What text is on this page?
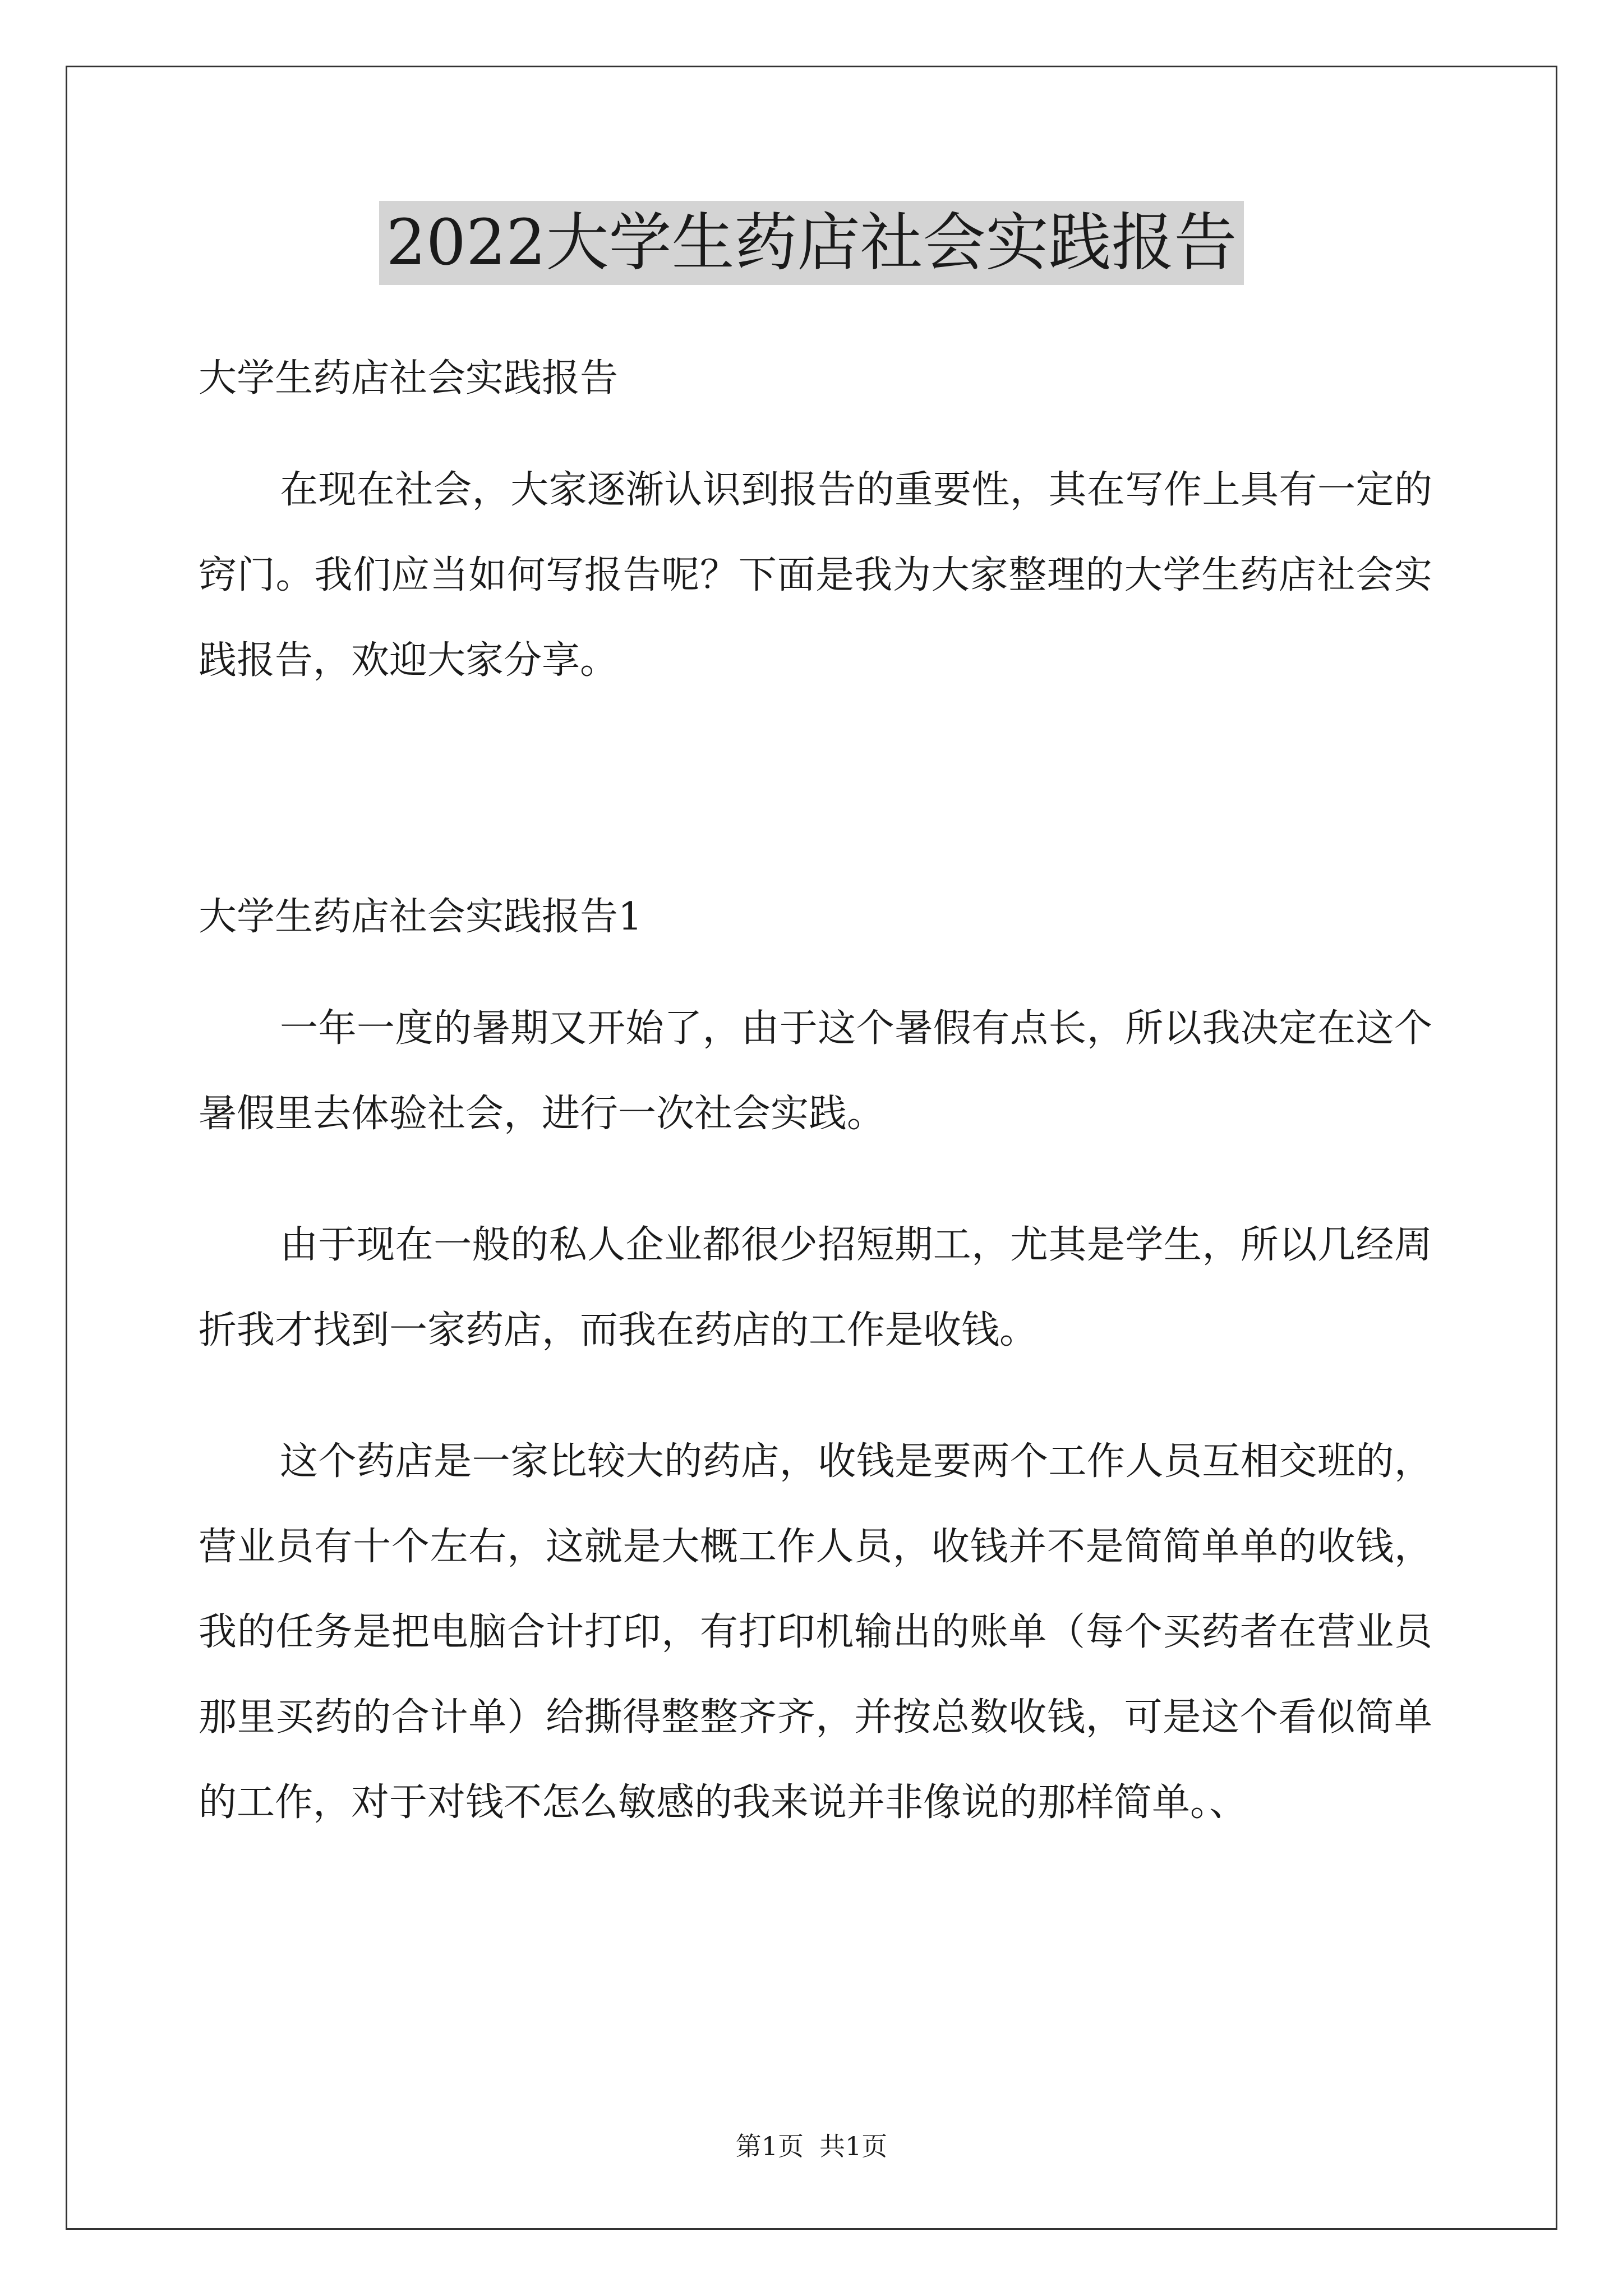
2022大学生药店社会实践报告
大学生药店社会实践报告
在现在社会，大家逐渐认识到报告的重要性，其在写作上具有一定的窍门。我们应当如何写报告呢？下面是我为大家整理的大学生药店社会实践报告，欢迎大家分享。
大学生药店社会实践报告1
一年一度的暑期又开始了，由于这个暑假有点长，所以我决定在这个暑假里去体验社会，进行一次社会实践。
由于现在一般的私人企业都很少招短期工，尤其是学生，所以几经周折我才找到一家药店，而我在药店的工作是收钱。
这个药店是一家比较大的药店，收钱是要两个工作人员互相交班的，营业员有十个左右，这就是大概工作人员，收钱并不是简简单单的收钱，我的任务是把电脑合计打印，有打印机输出的账单（每个买药者在营业员那里买药的合计单）给撕得整整齐齐，并按总数收钱，可是这个看似简单的工作，对于对钱不怎么敏感的我来说并非像说的那样简单。、
第1页 共1页
